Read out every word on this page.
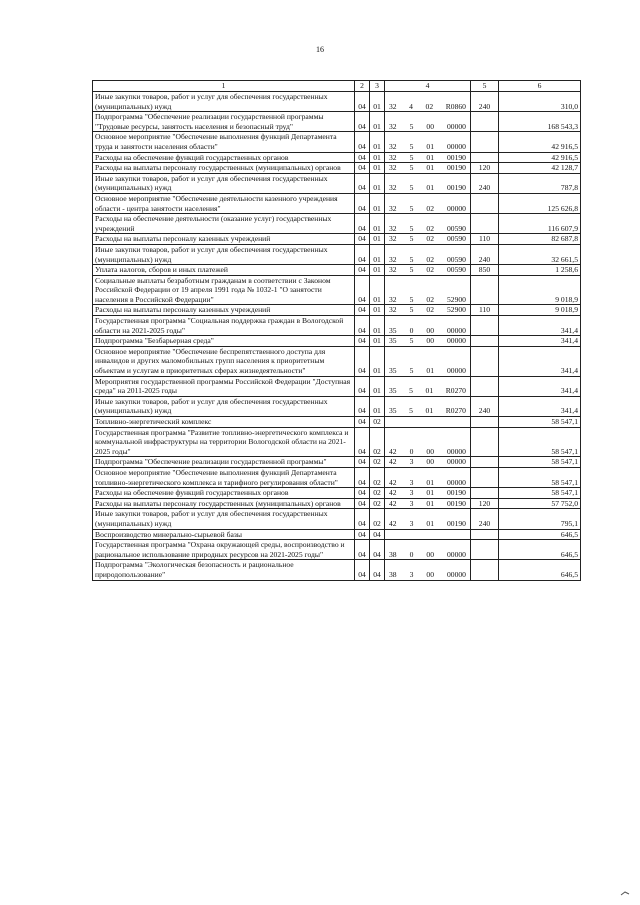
16
1	2	3	4	5	6
Иные закупки товаров, работ и услуг для обеспечения государственных (муниципальных) нужд	04	01	32 4 02 R0860	240	310,0
Подпрограмма "Обеспечение реализации государственной программы "Трудовые ресурсы, занятость населения и безопасный труд"	04	01	32 5 00 00000		168 543,3
Основное мероприятие "Обеспечение выполнения функций Департамента труда и занятости населения области"	04	01	32 5 01 00000		42 916,5
Расходы на обеспечение функций государственных органов	04	01	32 5 01 00190		42 916,5
Расходы на выплаты персоналу государственных (муниципальных) органов	04	01	32 5 01 00190	120	42 128,7
Иные закупки товаров, работ и услуг для обеспечения государственных (муниципальных) нужд	04	01	32 5 01 00190	240	787,8
Основное мероприятие "Обеспечение деятельности казенного учреждения области - центра занятости населения"	04	01	32 5 02 00000		125 626,8
Расходы на обеспечение деятельности (оказание услуг) государственных учреждений	04	01	32 5 02 00590		116 607,9
Расходы на выплаты персоналу казенных учреждений	04	01	32 5 02 00590	110	82 687,8
Иные закупки товаров, работ и услуг для обеспечения государственных (муниципальных) нужд	04	01	32 5 02 00590	240	32 661,5
Уплата налогов, сборов и иных платежей	04	01	32 5 02 00590	850	1 258,6
Социальные выплаты безработным гражданам в соответствии с Законом Российской Федерации от 19 апреля 1991 года № 1032-1 "О занятости населения в Российской Федерации"	04	01	32 5 02 52900		9 018,9
Расходы на выплаты персоналу казенных учреждений	04	01	32 5 02 52900	110	9 018,9
Государственная программа "Социальная поддержка граждан в Вологодской области на 2021-2025 годы"	04	01	35 0 00 00000		341,4
Подпрограмма "Безбарьерная среда"	04	01	35 5 00 00000		341,4
Основное мероприятие "Обеспечение беспрепятственного доступа для инвалидов и других маломобильных групп населения к приоритетным объектам и услугам в приоритетных сферах жизнедеятельности"	04	01	35 5 01 00000		341,4
Мероприятия государственной программы Российской Федерации "Доступная среда" на 2011-2025 годы	04	01	35 5 01 R0270		341,4
Иные закупки товаров, работ и услуг для обеспечения государственных (муниципальных) нужд	04	01	35 5 01 R0270	240	341,4
Топливно-энергетический комплекс	04	02			58 547,1
Государственная программа "Развитие топливно-энергетического комплекса и коммунальной инфраструктуры на территории Вологодской области на 2021-2025 годы"	04	02	42 0 00 00000		58 547,1
Подпрограмма "Обеспечение реализации государственной программы"	04	02	42 3 00 00000		58 547,1
Основное мероприятие "Обеспечение выполнения функций Департамента топливно-энергетического комплекса и тарифного регулирования области"	04	02	42 3 01 00000		58 547,1
Расходы на обеспечение функций государственных органов	04	02	42 3 01 00190		58 547,1
Расходы на выплаты персоналу государственных (муниципальных) органов	04	02	42 3 01 00190	120	57 752,0
Иные закупки товаров, работ и услуг для обеспечения государственных (муниципальных) нужд	04	02	42 3 01 00190	240	795,1
Воспроизводство минерально-сырьевой базы	04	04			646,5
Государственная программа "Охрана окружающей среды, воспроизводство и рациональное использование природных ресурсов на 2021-2025 годы"	04	04	38 0 00 00000		646,5
Подпрограмма "Экологическая безопасность и рациональное природопользование"	04	04	38 3 00 00000		646,5
